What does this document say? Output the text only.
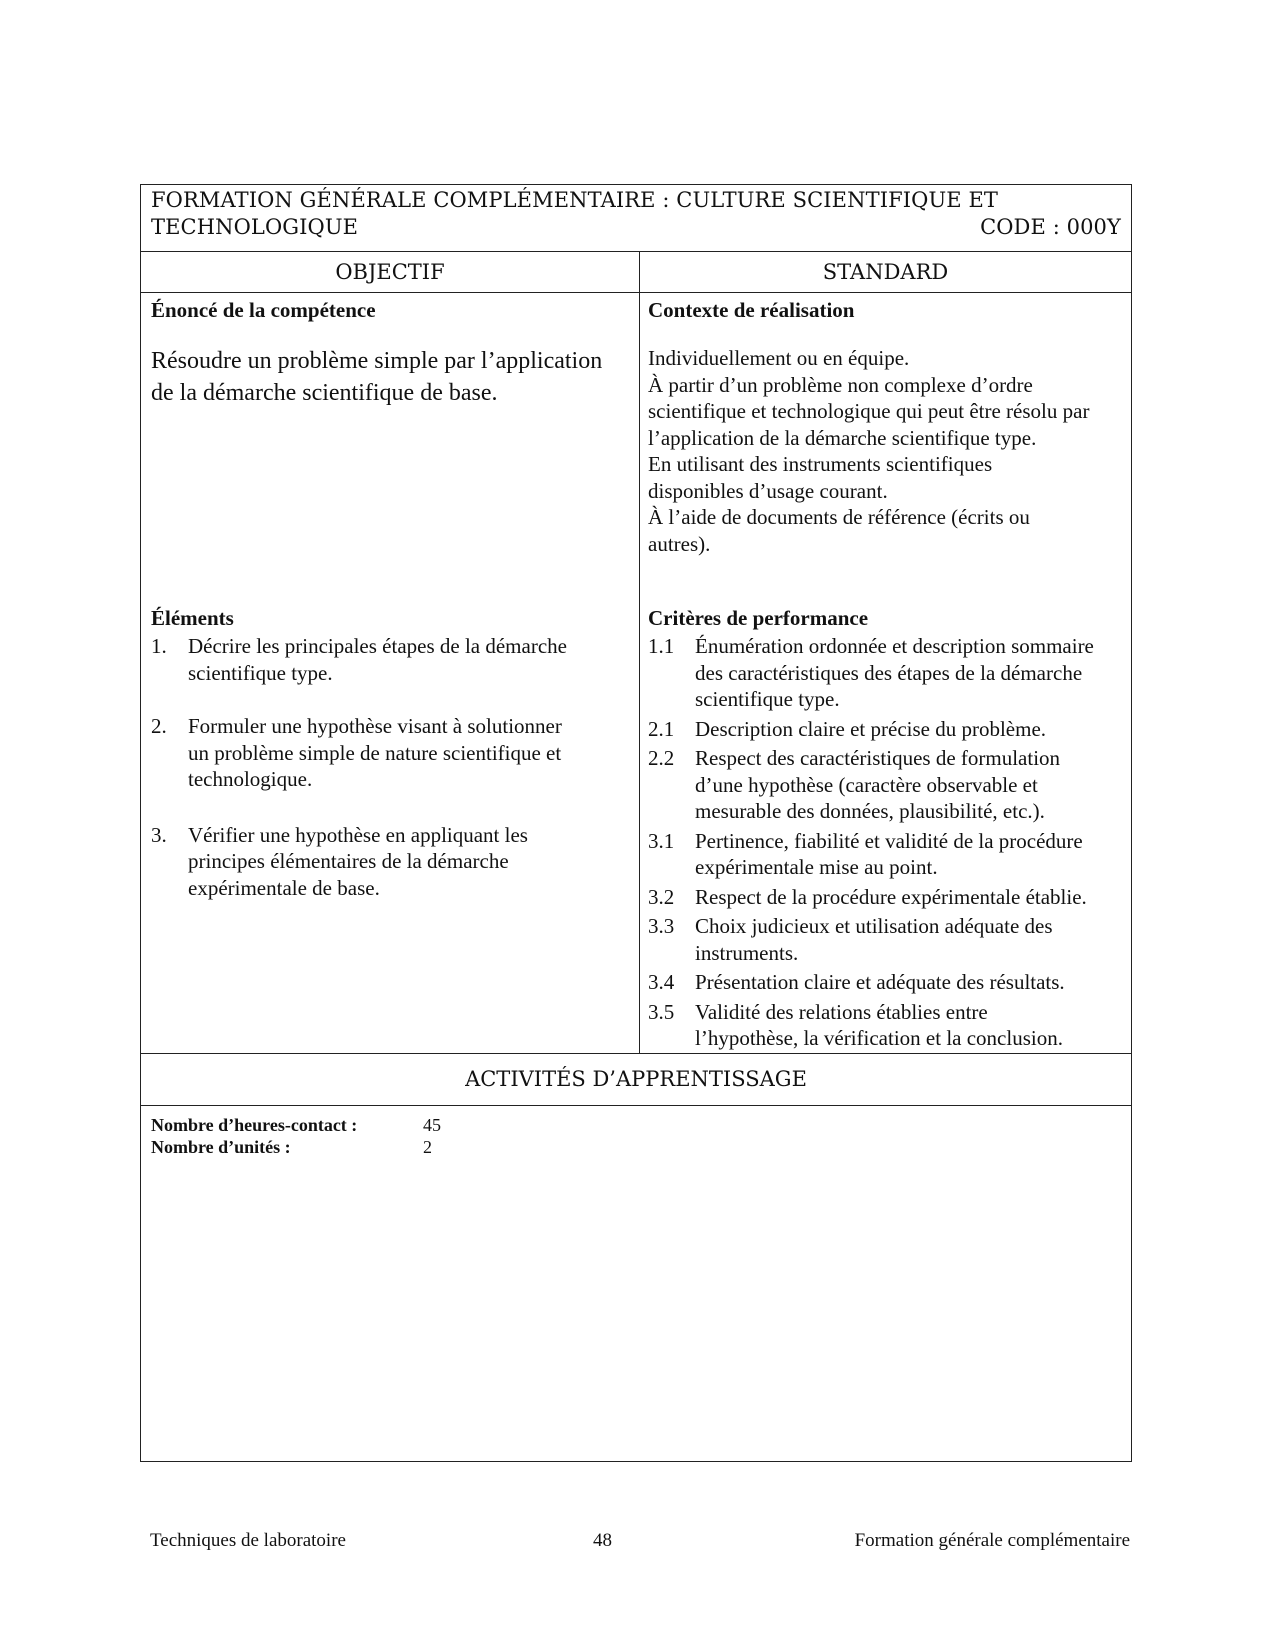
FORMATION GÉNÉRALE COMPLÉMENTAIRE : CULTURE SCIENTIFIQUE ET
TECHNOLOGIQUE	CODE : 000Y
OBJECTIF
Énoncé de la compétence
Résoudre un problème simple par l’application
de la démarche scientifique de base.
Éléments
1.	Décrire les principales étapes de la démarche
scientifique type.
2.	Formuler une hypothèse visant à solutionner
un problème simple de nature scientifique et
technologique.
3.	Vérifier une hypothèse en appliquant les
principes élémentaires de la démarche
expérimentale de base.
STANDARD
Contexte de réalisation
Individuellement ou en équipe.
À partir d’un problème non complexe d’ordre
scientifique et technologique qui peut être résolu par
l’application de la démarche scientifique type.
En utilisant des instruments scientifiques
disponibles d’usage courant.
À l’aide de documents de référence (écrits ou
autres).
Critères de performance
1.1 Énumération ordonnée et description sommaire
des caractéristiques des étapes de la démarche
scientifique type.
2.1 Description claire et précise du problème.
2.2 Respect des caractéristiques de formulation
d’une hypothèse (caractère observable et
mesurable des données, plausibilité, etc.).
3.1 Pertinence, fiabilité et validité de la procédure
expérimentale mise au point.
3.2 Respect de la procédure expérimentale établie.
3.3 Choix judicieux et utilisation adéquate des
instruments.
3.4 Présentation claire et adéquate des résultats.
3.5 Validité des relations établies entre
l’hypothèse, la vérification et la conclusion.
ACTIVITÉS D’APPRENTISSAGE
Nombre d’heures-contact :	45
Nombre d’unités :	2
Techniques de laboratoire	48	Formation générale complémentaire
